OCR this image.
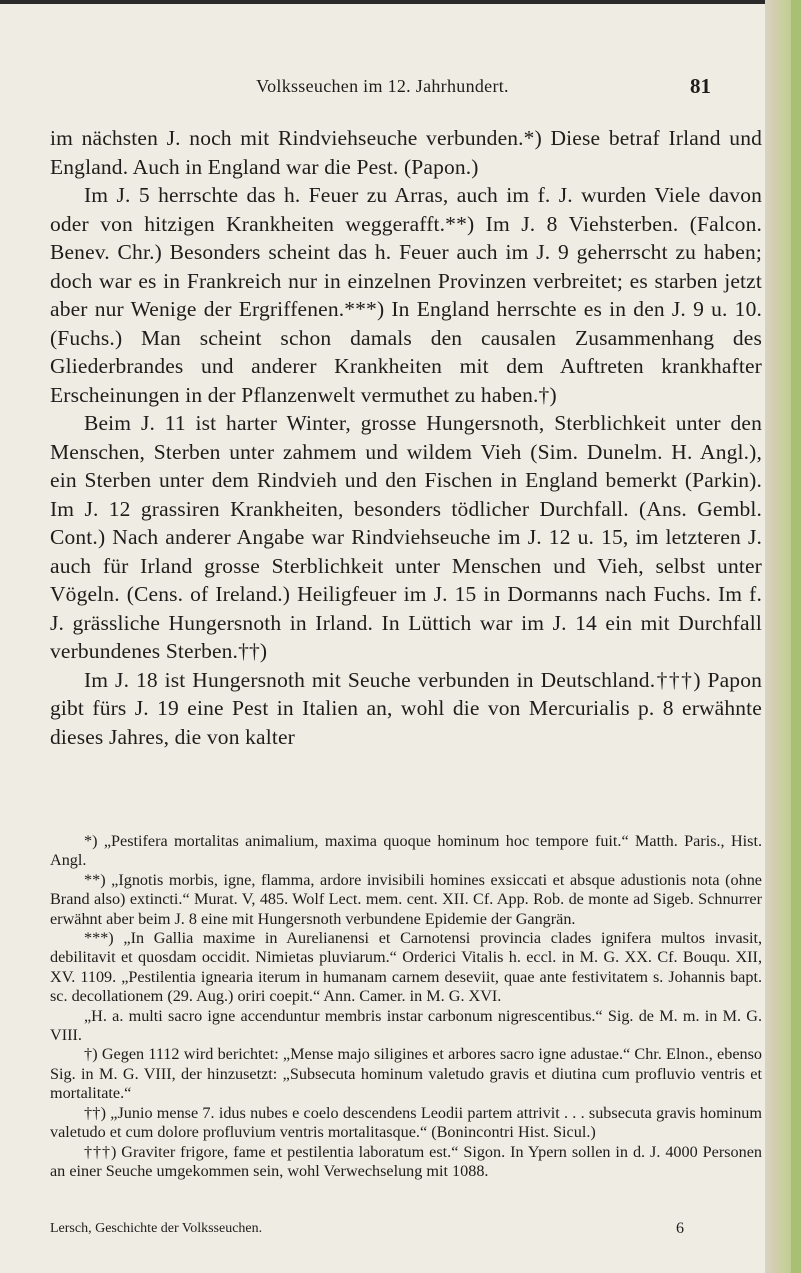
Volksseuchen im 12. Jahrhundert.	81

im nächsten J. noch mit Rindviehseuche verbunden.*) Diese betraf Irland und England. Auch in England war die Pest. (Papon.)

Im J. 5 herrschte das h. Feuer zu Arras, auch im f. J. wurden Viele davon oder von hitzigen Krankheiten weggerafft.**) Im J. 8 Viehsterben. (Falcon. Benev. Chr.) Besonders scheint das h. Feuer auch im J. 9 geherrscht zu haben; doch war es in Frankreich nur in einzelnen Provinzen verbreitet; es starben jetzt aber nur Wenige der Ergriffenen.***) In England herrschte es in den J. 9 u. 10. (Fuchs.) Man scheint schon damals den causalen Zusammenhang des Gliederbrandes und anderer Krankheiten mit dem Auftreten krankhafter Erscheinungen in der Pflanzenwelt vermuthet zu haben.†)

Beim J. 11 ist harter Winter, grosse Hungersnoth, Sterblichkeit unter den Menschen, Sterben unter zahmem und wildem Vieh (Sim. Dunelm. H. Angl.), ein Sterben unter dem Rindvieh und den Fischen in England bemerkt (Parkin). Im J. 12 grassiren Krankheiten, besonders tödlicher Durchfall. (Ans. Gembl. Cont.) Nach anderer Angabe war Rindviehseuche im J. 12 u. 15, im letzteren J. auch für Irland grosse Sterblichkeit unter Menschen und Vieh, selbst unter Vögeln. (Cens. of Ireland.) Heiligfeuer im J. 15 in Dormanns nach Fuchs. Im f. J. grässliche Hungersnoth in Irland. In Lüttich war im J. 14 ein mit Durchfall verbundenes Sterben.††)

Im J. 18 ist Hungersnoth mit Seuche verbunden in Deutschland.†††) Papon gibt fürs J. 19 eine Pest in Italien an, wohl die von Mercurialis p. 8 erwähnte dieses Jahres, die von kalter

*) „Pestifera mortalitas animalium, maxima quoque hominum hoc tempore fuit.“ Matth. Paris., Hist. Angl.

**) „Ignotis morbis, igne, flamma, ardore invisibili homines exsiccati et absque adustionis nota (ohne Brand also) extincti.“ Murat. V, 485. Wolf Lect. mem. cent. XII. Cf. App. Rob. de monte ad Sigeb. Schnurrer erwähnt aber beim J. 8 eine mit Hungersnoth verbundene Epidemie der Gangrän.

***) „In Gallia maxime in Aurelianensi et Carnotensi provincia clades ignifera multos invasit, debilitavit et quosdam occidit. Nimietas pluviarum.“ Orderici Vitalis h. eccl. in M. G. XX. Cf. Bouqu. XII, XV. 1109. „Pestilentia ignearia iterum in humanam carnem deseviit, quae ante festivitatem s. Johannis bapt. sc. decollationem (29. Aug.) oriri coepit.“ Ann. Camer. in M. G. XVI.

„H. a. multi sacro igne accenduntur membris instar carbonum nigrescentibus.“ Sig. de M. m. in M. G. VIII.

†) Gegen 1112 wird berichtet: „Mense majo siligines et arbores sacro igne adustae.“ Chr. Elnon., ebenso Sig. in M. G. VIII, der hinzusetzt: „Subsecuta hominum valetudo gravis et diutina cum profluvio ventris et mortalitate.“

††) „Junio mense 7. idus nubes e coelo descendens Leodii partem attrivit . . . subsecuta gravis hominum valetudo et cum dolore profluvium ventris mortalitasque.“ (Bonincontri Hist. Sicul.)

†††) Graviter frigore, fame et pestilentia laboratum est.“ Sigon. In Ypern sollen in d. J. 4000 Personen an einer Seuche umgekommen sein, wohl Verwechselung mit 1088.

Lersch, Geschichte der Volksseuchen.	6
